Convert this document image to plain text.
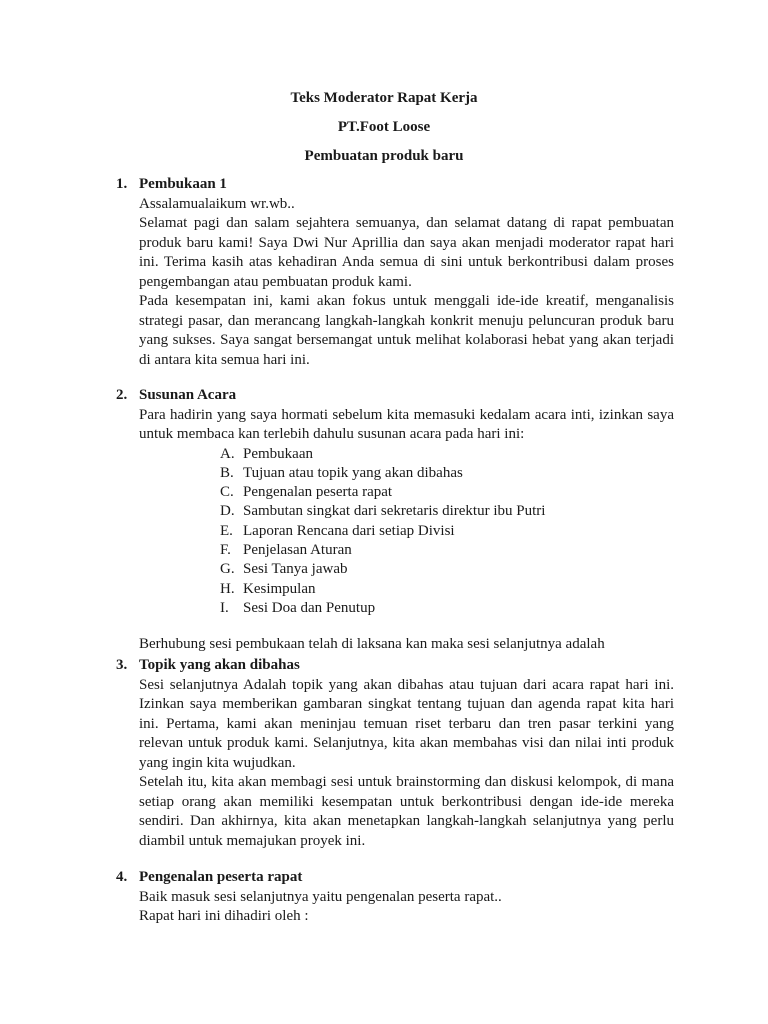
Teks Moderator Rapat Kerja
PT.Foot Loose
Pembuatan produk baru
1. Pembukaan 1

Assalamualaikum wr.wb..

Selamat pagi dan salam sejahtera semuanya, dan selamat datang di rapat pembuatan produk baru kami! Saya Dwi Nur Aprillia dan saya akan menjadi moderator rapat hari ini. Terima kasih atas kehadiran Anda semua di sini untuk berkontribusi dalam proses pengembangan atau pembuatan produk kami.

Pada kesempatan ini, kami akan fokus untuk menggali ide-ide kreatif, menganalisis strategi pasar, dan merancang langkah-langkah konkrit menuju peluncuran produk baru yang sukses. Saya sangat bersemangat untuk melihat kolaborasi hebat yang akan terjadi di antara kita semua hari ini.

2. Susunan Acara

Para hadirin yang saya hormati sebelum kita memasuki kedalam acara inti, izinkan saya untuk membaca kan terlebih dahulu susunan acara pada hari ini:

A. Pembukaan
B. Tujuan atau topik yang akan dibahas
C. Pengenalan peserta rapat
D. Sambutan singkat dari sekretaris direktur ibu Putri
E. Laporan Rencana dari setiap Divisi
F. Penjelasan Aturan
G. Sesi Tanya jawab
H. Kesimpulan
I. Sesi Doa dan Penutup

Berhubung sesi pembukaan telah di laksana kan maka sesi selanjutnya adalah

3. Topik yang akan dibahas

Sesi selanjutnya Adalah topik yang akan dibahas atau tujuan dari acara rapat hari ini. Izinkan saya memberikan gambaran singkat tentang tujuan dan agenda rapat kita hari ini. Pertama, kami akan meninjau temuan riset terbaru dan tren pasar terkini yang relevan untuk produk kami. Selanjutnya, kita akan membahas visi dan nilai inti produk yang ingin kita wujudkan.

Setelah itu, kita akan membagi sesi untuk brainstorming dan diskusi kelompok, di mana setiap orang akan memiliki kesempatan untuk berkontribusi dengan ide-ide mereka sendiri. Dan akhirnya, kita akan menetapkan langkah-langkah selanjutnya yang perlu diambil untuk memajukan proyek ini.

4. Pengenalan peserta rapat

Baik masuk sesi selanjutnya yaitu pengenalan peserta rapat..

Rapat hari ini dihadiri oleh :
